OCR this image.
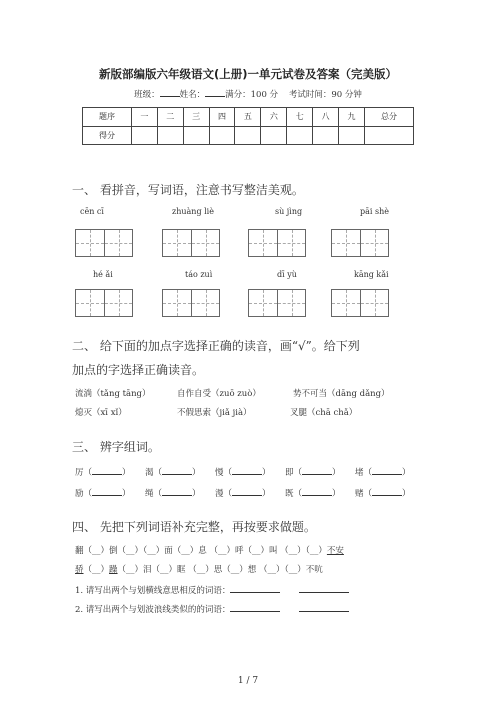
新版部编版六年级语文(上册)一单元试卷及答案（完美版）
班级： 姓名： 满分：100 分 考试时间：90 分钟
题序	一	二	三	四	五	六	七	八	九	总分
得分										
一、 看拼音，写词语，注意书写整洁美观。
cēn cī	zhuàng liè	sù jìng	pāi shè
hé ǎi	táo zuì	dī yù	kāng kǎi
二、 给下面的加点字选择正确的读音，画“√”。给下列
加点的字选择正确读音。
流淌（tǎng tāng）	自作自受（zuō zuò）	势不可当（dāng dǎng）
熄灭（xī xǐ）	不假思索（jiǎ jià）	叉腿（chā chǎ）
三、 辨字组词。
厉（	） 渴（	） 慢（	） 即（	） 堵（	）
励（	） 绳（	） 漫（	） 既（	） 赌（	）
四、 先把下列词语补充完整，再按要求做题。
翻（__）倒（__）（__）面（__）息 （__）呼（__）叫 （__）（__）不安
骄（__）躁（__）泪（__）眶 （__）思（__）想 （__）（__）不吭
1. 请写出两个与划横线意思相反的词语：
2. 请写出两个与划波浪线类似的的词语：
1 / 7
